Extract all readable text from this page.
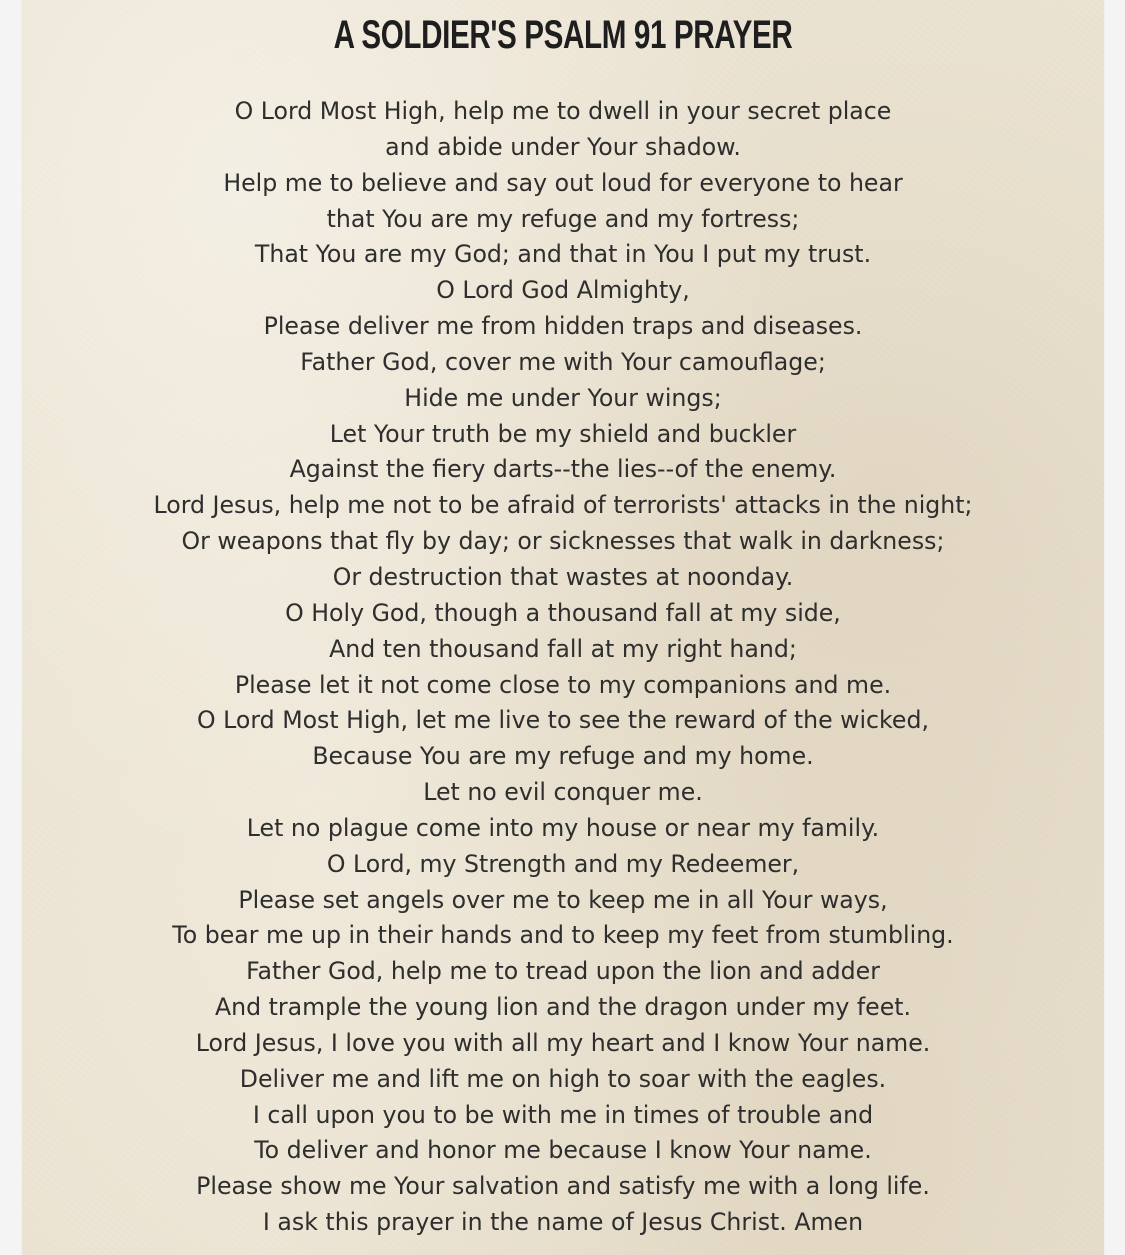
A SOLDIER'S PSALM 91 PRAYER
O Lord Most High, help me to dwell in your secret place
and abide under Your shadow.
Help me to believe and say out loud for everyone to hear
that You are my refuge and my fortress;
That You are my God; and that in You I put my trust.
O Lord God Almighty,
Please deliver me from hidden traps and diseases.
Father God, cover me with Your camouflage;
Hide me under Your wings;
Let Your truth be my shield and buckler
Against the fiery darts--the lies--of the enemy.
Lord Jesus, help me not to be afraid of terrorists' attacks in the night;
Or weapons that fly by day; or sicknesses that walk in darkness;
Or destruction that wastes at noonday.
O Holy God, though a thousand fall at my side,
And ten thousand fall at my right hand;
Please let it not come close to my companions and me.
O Lord Most High, let me live to see the reward of the wicked,
Because You are my refuge and my home.
Let no evil conquer me.
Let no plague come into my house or near my family.
O Lord, my Strength and my Redeemer,
Please set angels over me to keep me in all Your ways,
To bear me up in their hands and to keep my feet from stumbling.
Father God, help me to tread upon the lion and adder
And trample the young lion and the dragon under my feet.
Lord Jesus, I love you with all my heart and I know Your name.
Deliver me and lift me on high to soar with the eagles.
I call upon you to be with me in times of trouble and
To deliver and honor me because I know Your name.
Please show me Your salvation and satisfy me with a long life.
I ask this prayer in the name of Jesus Christ. Amen
